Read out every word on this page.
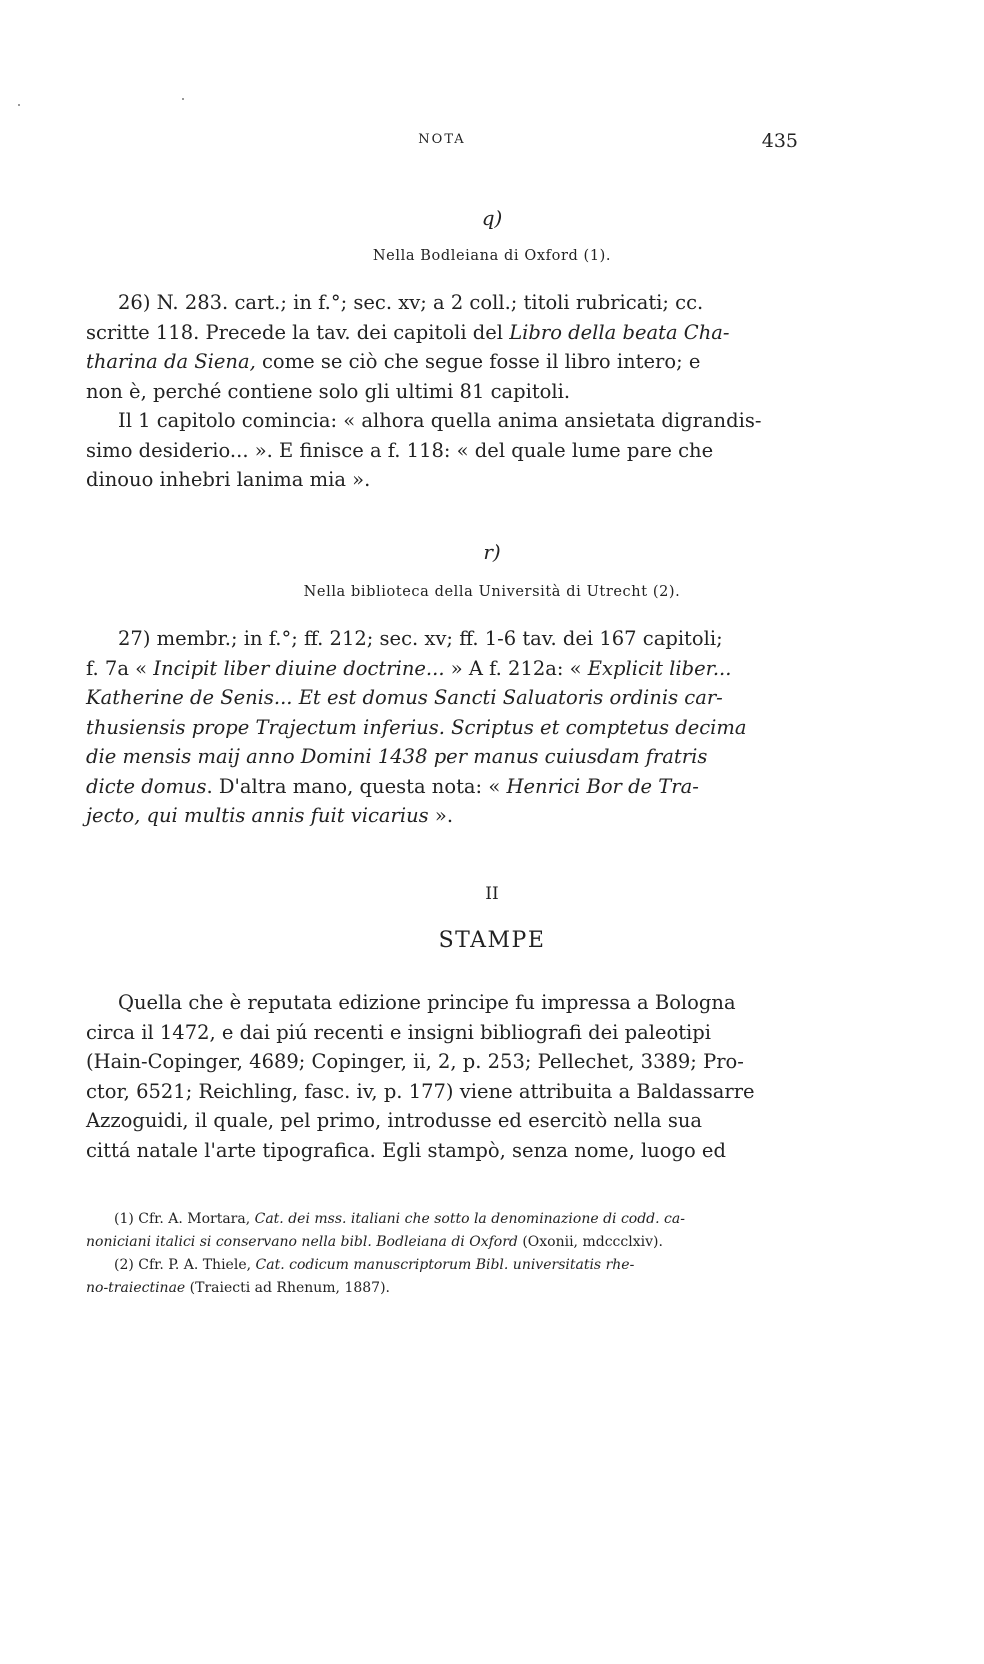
NOTA	435
q)
Nella Bodleiana di Oxford (1).
26) N. 283. cart.; in f.°; sec. xv; a 2 coll.; titoli rubricati; cc.
scritte 118. Precede la tav. dei capitoli del Libro della beata Cha-
tharina da Siena, come se ciò che segue fosse il libro intero; e
non è, perché contiene solo gli ultimi 81 capitoli.
Il 1 capitolo comincia: « alhora quella anima ansietata digrandis-
simo desiderio... ». E finisce a f. 118: « del quale lume pare che
dinouo inhebri lanima mia ».
r)
Nella biblioteca della Università di Utrecht (2).
27) membr.; in f.°; ff. 212; sec. xv; ff. 1-6 tav. dei 167 capitoli;
f. 7a « Incipit liber diuine doctrine... » A f. 212a: « Explicit liber...
Katherine de Senis... Et est domus Sancti Saluatoris ordinis car-
thusiensis prope Trajectum inferius. Scriptus et comptetus decima
die mensis maij anno Domini 1438 per manus cuiusdam fratris
dicte domus. D'altra mano, questa nota: « Henrici Bor de Tra-
jecto, qui multis annis fuit vicarius ».
II
STAMPE
Quella che è reputata edizione principe fu impressa a Bologna
circa il 1472, e dai piú recenti e insigni bibliografi dei paleotipi
(Hain-Copinger, 4689; Copinger, ii, 2, p. 253; Pellechet, 3389; Pro-
ctor, 6521; Reichling, fasc. iv, p. 177) viene attribuita a Baldassarre
Azzoguidi, il quale, pel primo, introdusse ed esercitò nella sua
cittá natale l'arte tipografica. Egli stampò, senza nome, luogo ed
(1) Cfr. A. Mortara, Cat. dei mss. italiani che sotto la denominazione di codd. ca-
noniciani italici si conservano nella bibl. Bodleiana di Oxford (Oxonii, mdccclxiv).
(2) Cfr. P. A. Thiele, Cat. codicum manuscriptorum Bibl. universitatis rhe-
no-traiectinae (Traiecti ad Rhenum, 1887).
